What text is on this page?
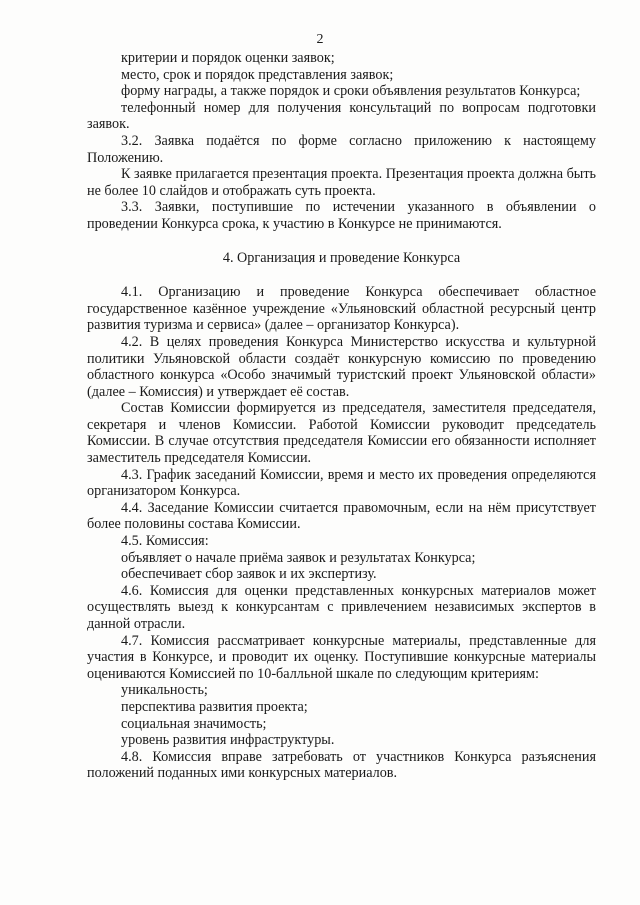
2

критерии и порядок оценки заявок;

место, срок и порядок представления заявок;

форму награды, а также порядок и сроки объявления результатов Конкурса;

телефонный номер для получения консультаций по вопросам подготовки заявок.

3.2. Заявка подаётся по форме согласно приложению к настоящему Положению.

К заявке прилагается презентация проекта. Презентация проекта должна быть не более 10 слайдов и отображать суть проекта.

3.3. Заявки, поступившие по истечении указанного в объявлении о проведении Конкурса срока, к участию в Конкурсе не принимаются.

4. Организация и проведение Конкурса

4.1. Организацию и проведение Конкурса обеспечивает областное государственное казённое учреждение «Ульяновский областной ресурсный центр развития туризма и сервиса» (далее – организатор Конкурса).

4.2. В целях проведения Конкурса Министерство искусства и культурной политики Ульяновской области создаёт конкурсную комиссию по проведению областного конкурса «Особо значимый туристский проект Ульяновской области» (далее – Комиссия) и утверждает её состав.

Состав Комиссии формируется из председателя, заместителя председателя, секретаря и членов Комиссии. Работой Комиссии руководит председатель Комиссии. В случае отсутствия председателя Комиссии его обязанности исполняет заместитель председателя Комиссии.

4.3. График заседаний Комиссии, время и место их проведения определяются организатором Конкурса.

4.4. Заседание Комиссии считается правомочным, если на нём присутствует более половины состава Комиссии.

4.5. Комиссия:

объявляет о начале приёма заявок и результатах Конкурса;

обеспечивает сбор заявок и их экспертизу.

4.6. Комиссия для оценки представленных конкурсных материалов может осуществлять выезд к конкурсантам с привлечением независимых экспертов в данной отрасли.

4.7. Комиссия рассматривает конкурсные материалы, представленные для участия в Конкурсе, и проводит их оценку. Поступившие конкурсные материалы оцениваются Комиссией по 10-балльной шкале по следующим критериям:

уникальность;

перспектива развития проекта;

социальная значимость;

уровень развития инфраструктуры.

4.8. Комиссия вправе затребовать от участников Конкурса разъяснения положений поданных ими конкурсных материалов.
